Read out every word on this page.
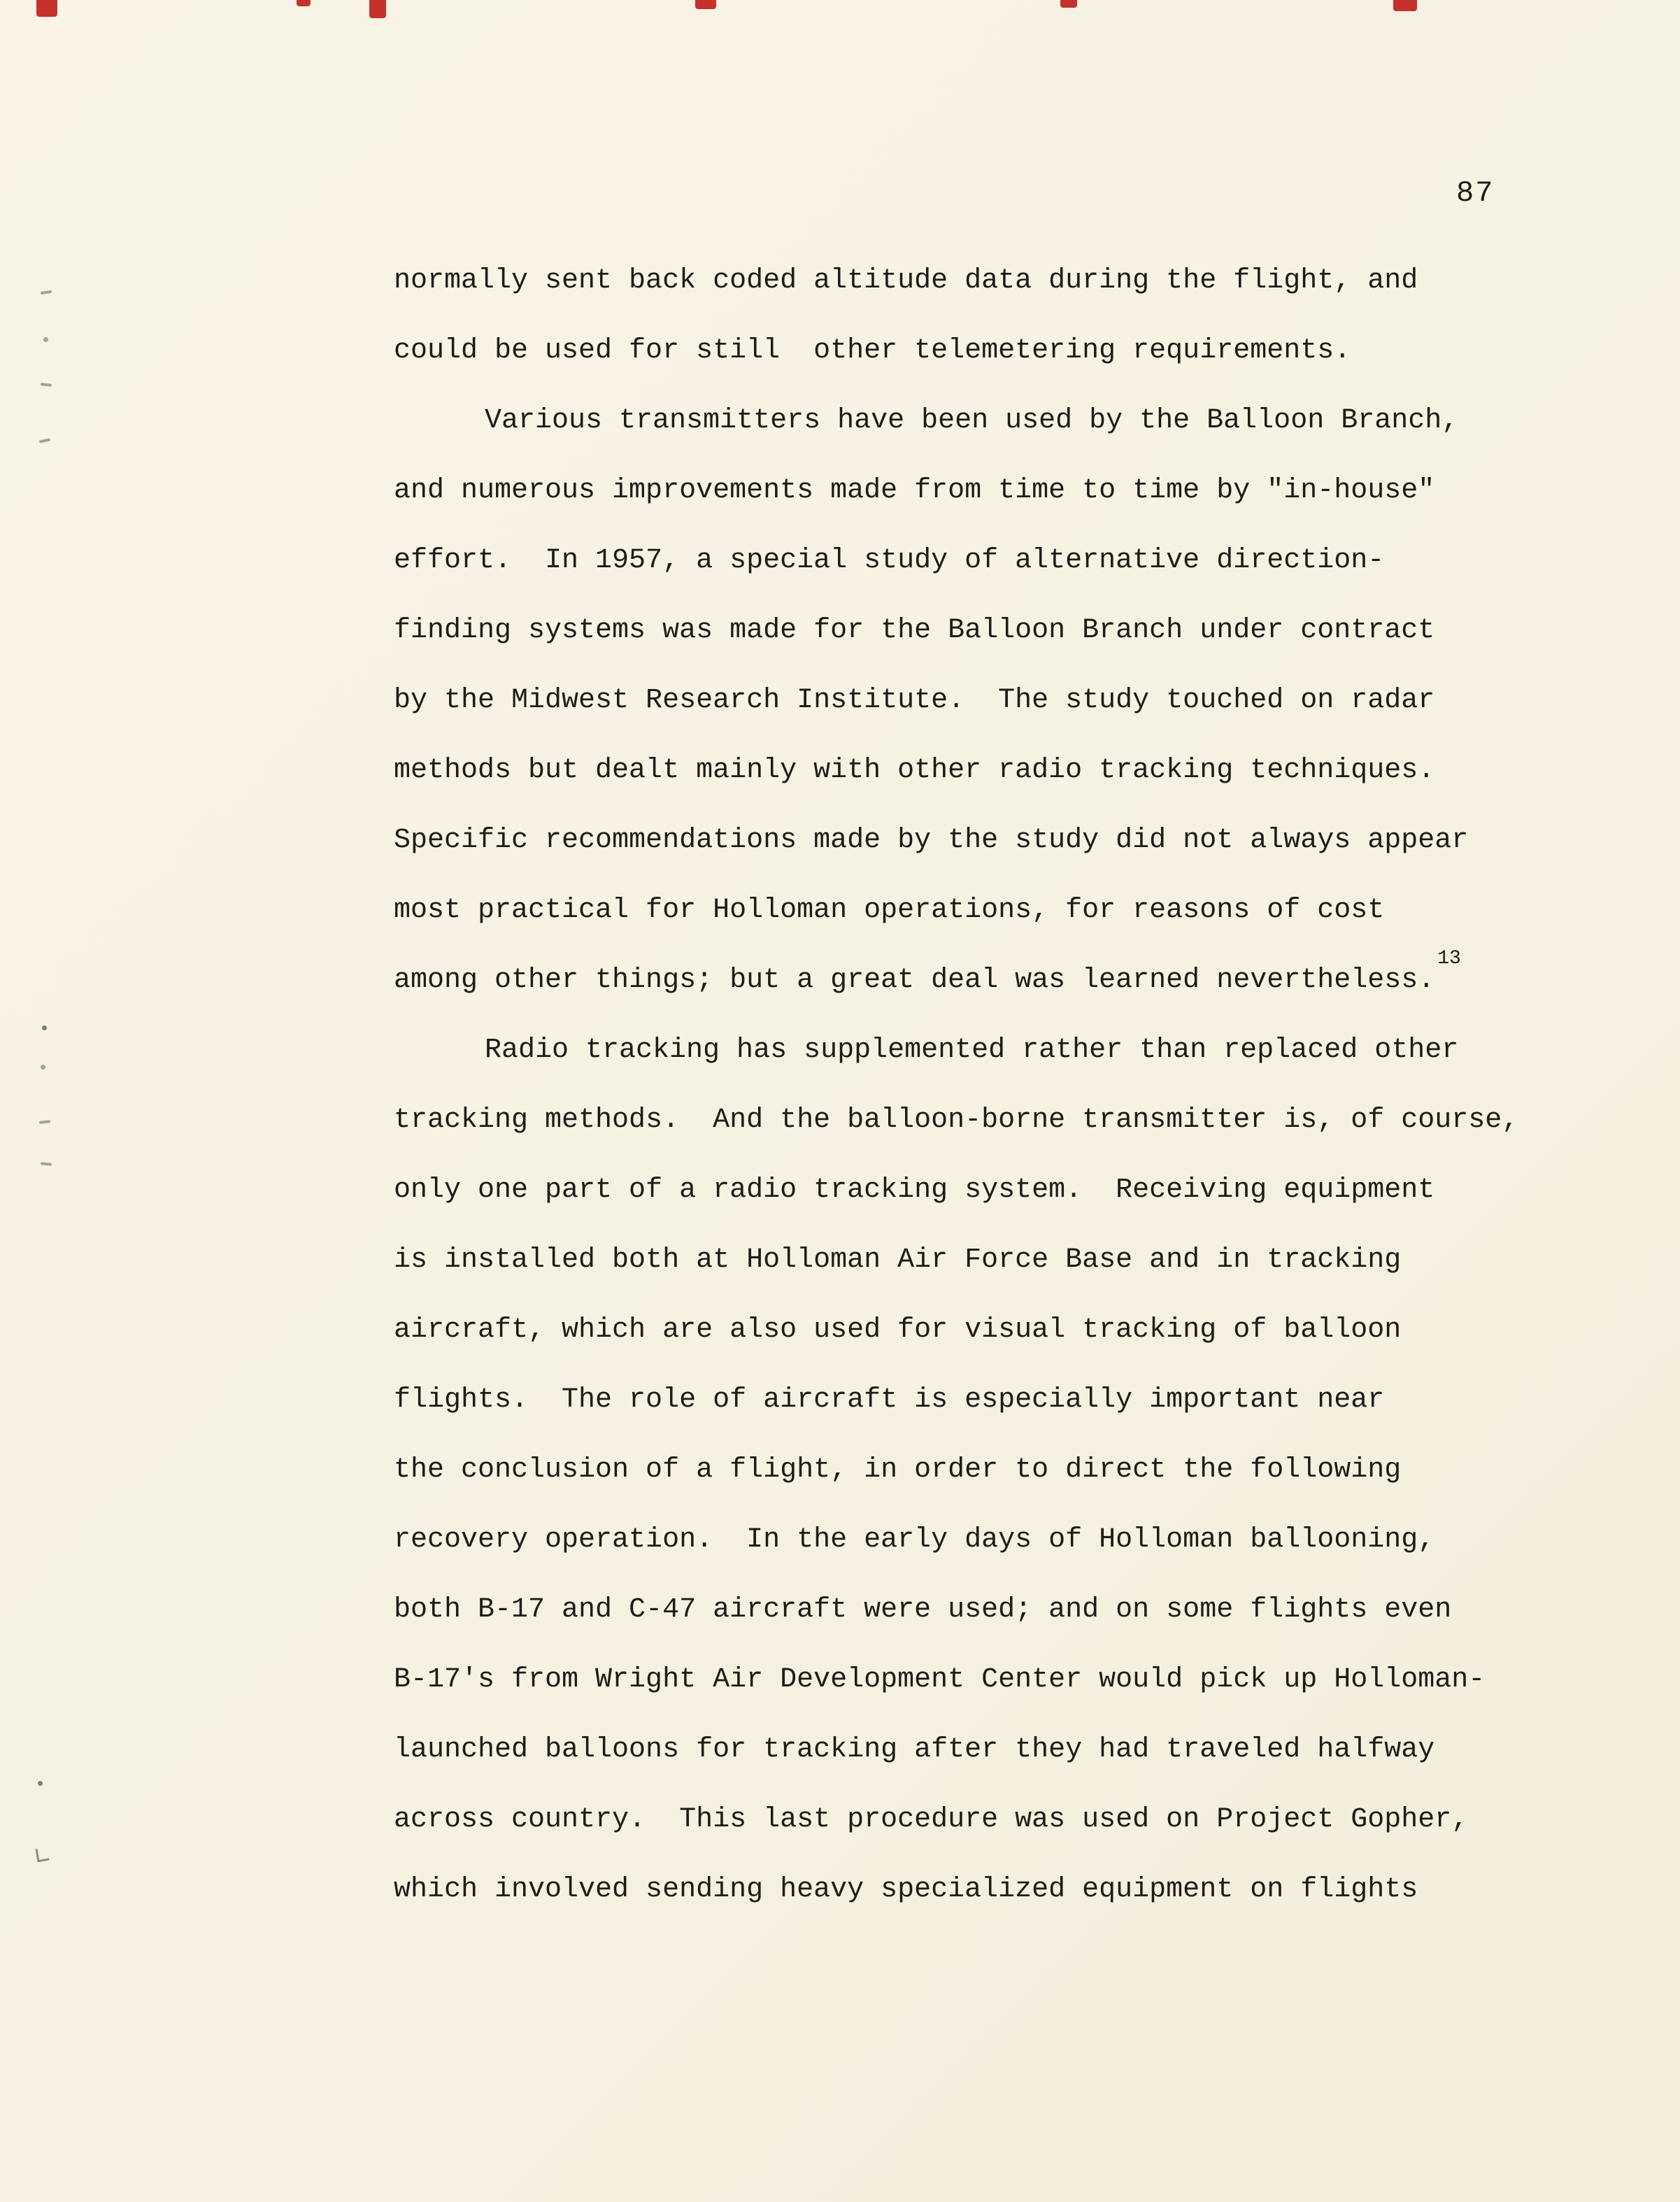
87

normally sent back coded altitude data during the flight, and
could be used for still  other telemetering requirements.

Various transmitters have been used by the Balloon Branch,
and numerous improvements made from time to time by "in-house"
effort.  In 1957, a special study of alternative direction-
finding systems was made for the Balloon Branch under contract
by the Midwest Research Institute.  The study touched on radar
methods but dealt mainly with other radio tracking techniques.
Specific recommendations made by the study did not always appear
most practical for Holloman operations, for reasons of cost
among other things; but a great deal was learned nevertheless.$^{13}$

Radio tracking has supplemented rather than replaced other
tracking methods.  And the balloon-borne transmitter is, of course,
only one part of a radio tracking system.  Receiving equipment
is installed both at Holloman Air Force Base and in tracking
aircraft, which are also used for visual tracking of balloon
flights.  The role of aircraft is especially important near
the conclusion of a flight, in order to direct the following
recovery operation.  In the early days of Holloman ballooning,
both B-17 and C-47 aircraft were used; and on some flights even
B-17's from Wright Air Development Center would pick up Holloman-
launched balloons for tracking after they had traveled halfway
across country.  This last procedure was used on Project Gopher,
which involved sending heavy specialized equipment on flights
